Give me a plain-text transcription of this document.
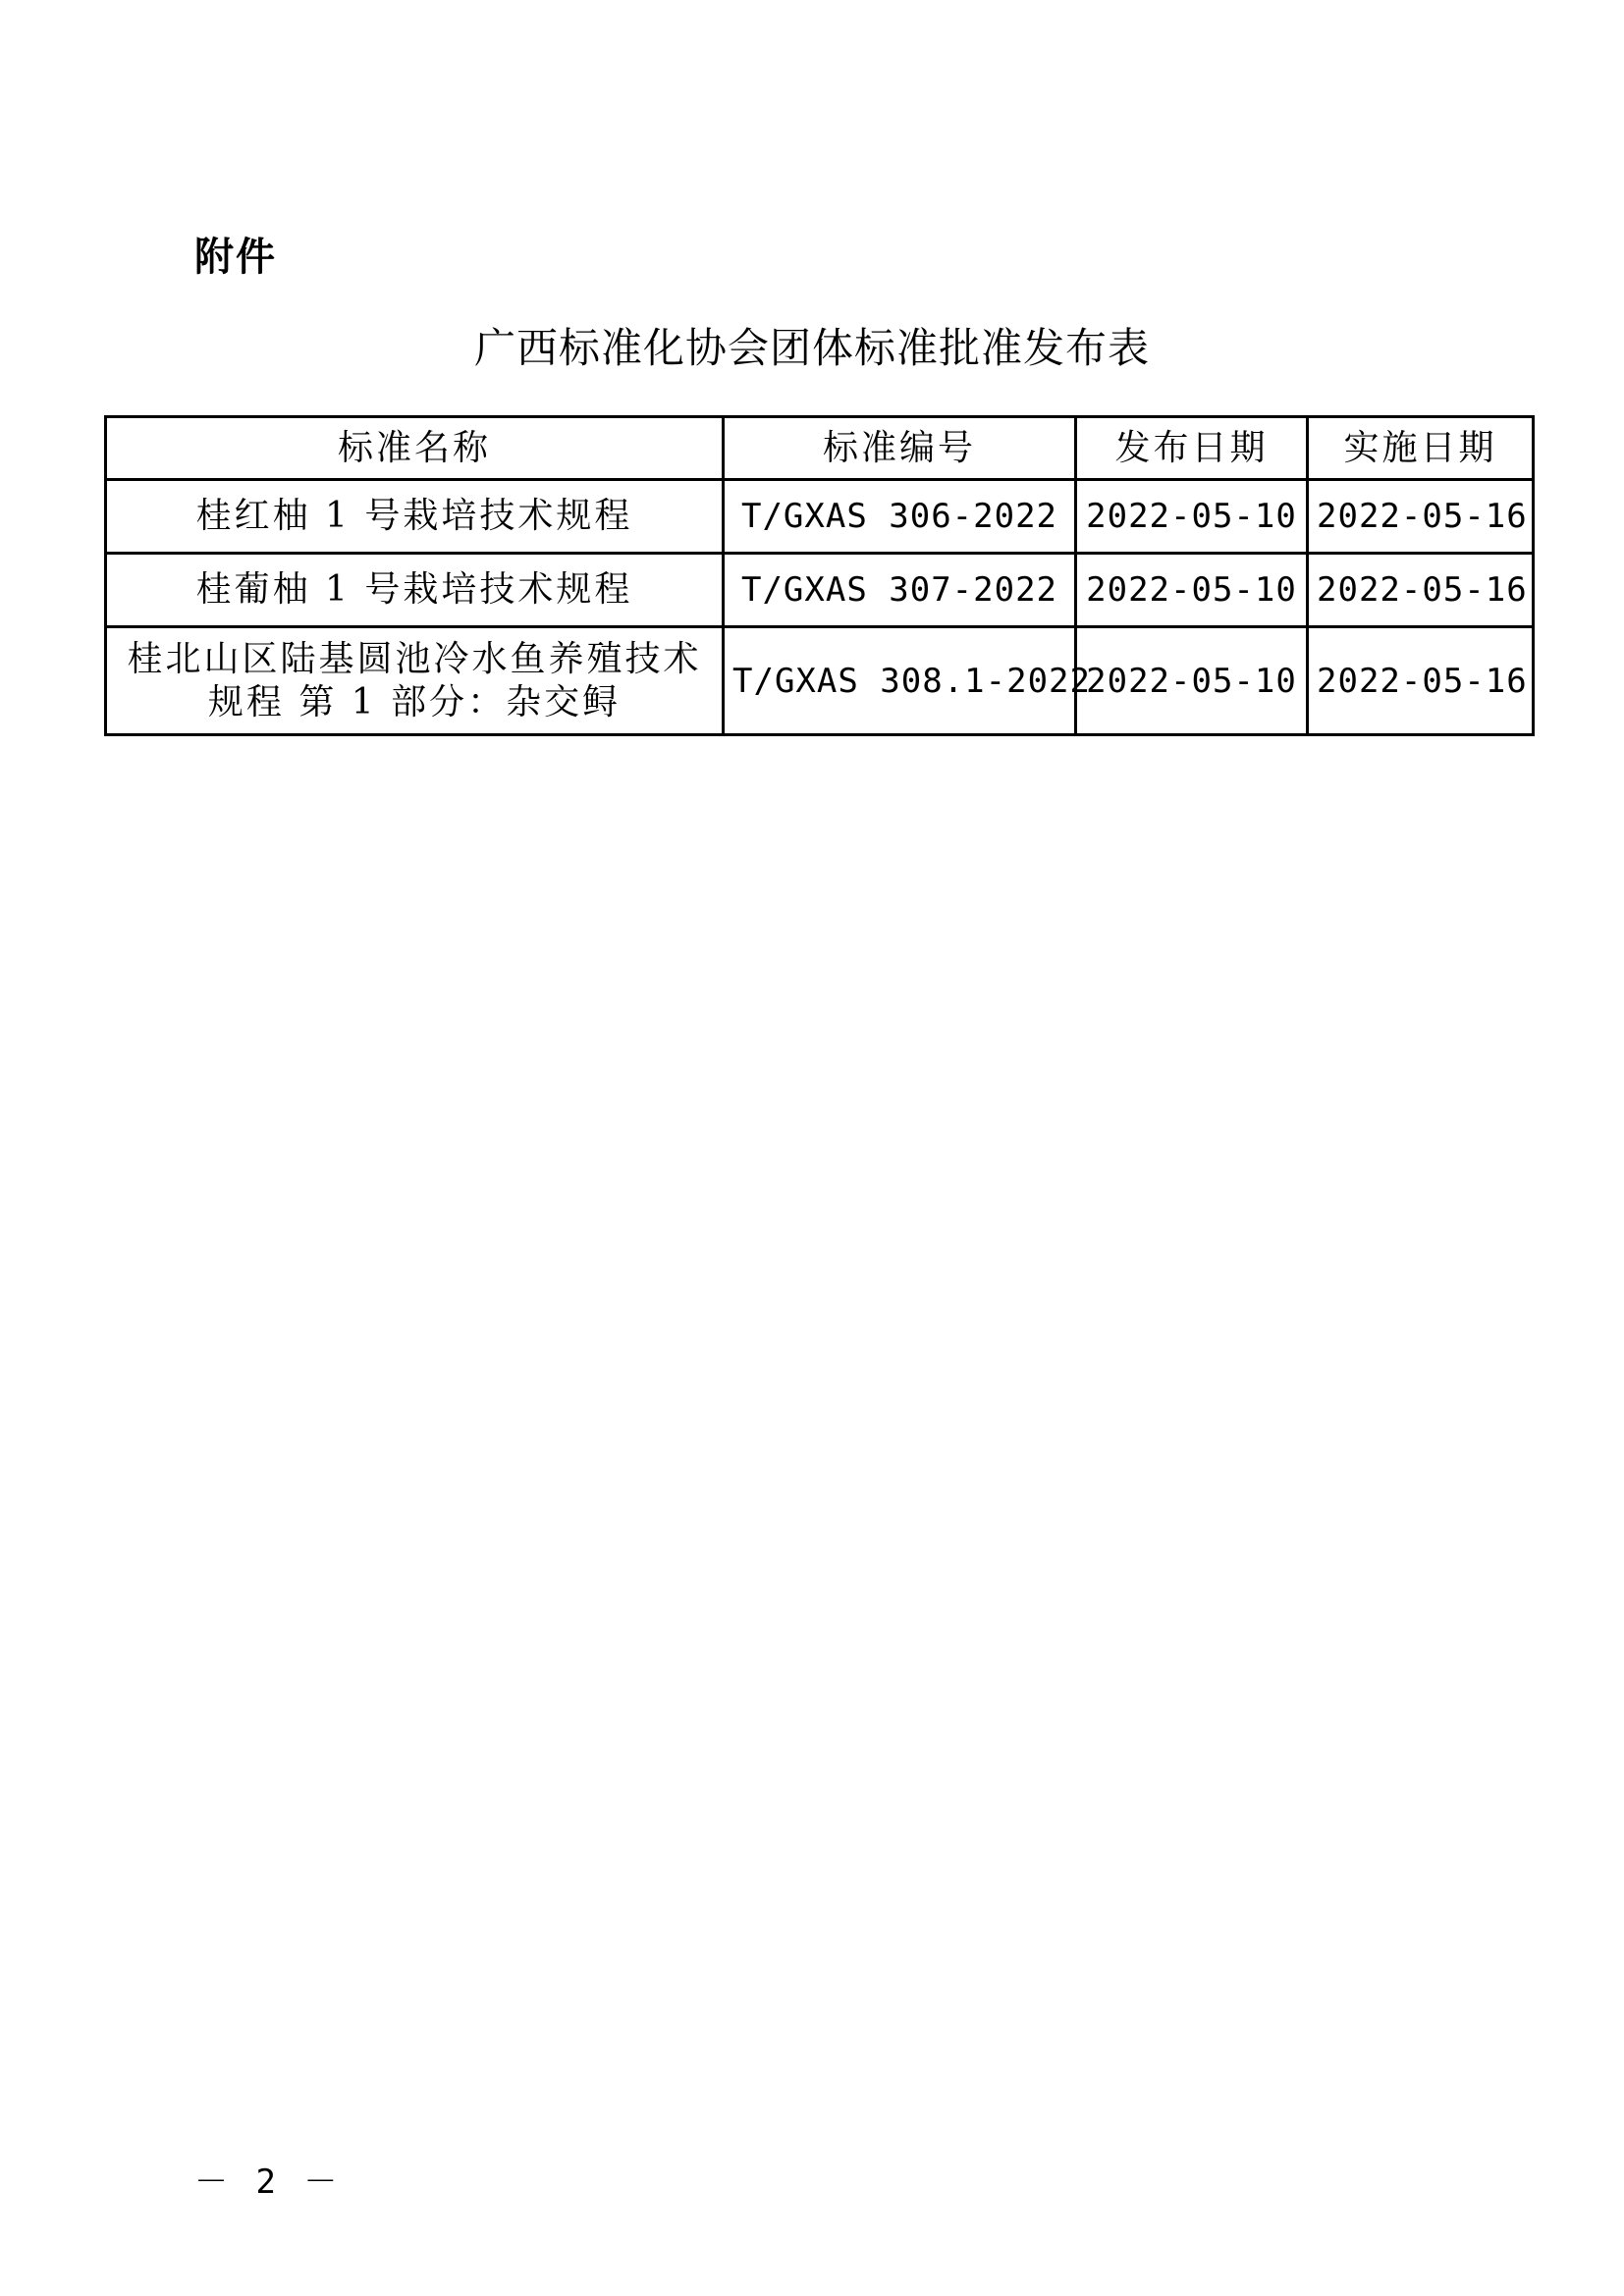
附件
广西标准化协会团体标准批准发布表
标准名称	标准编号	发布日期	实施日期
桂红柚 1 号栽培技术规程	T/GXAS 306-2022	2022-05-10	2022-05-16
桂葡柚 1 号栽培技术规程	T/GXAS 307-2022	2022-05-10	2022-05-16
桂北山区陆基圆池冷水鱼养殖技术规程 第 1 部分：杂交鲟	T/GXAS 308.1-2022	2022-05-10	2022-05-16
－ 2 －
